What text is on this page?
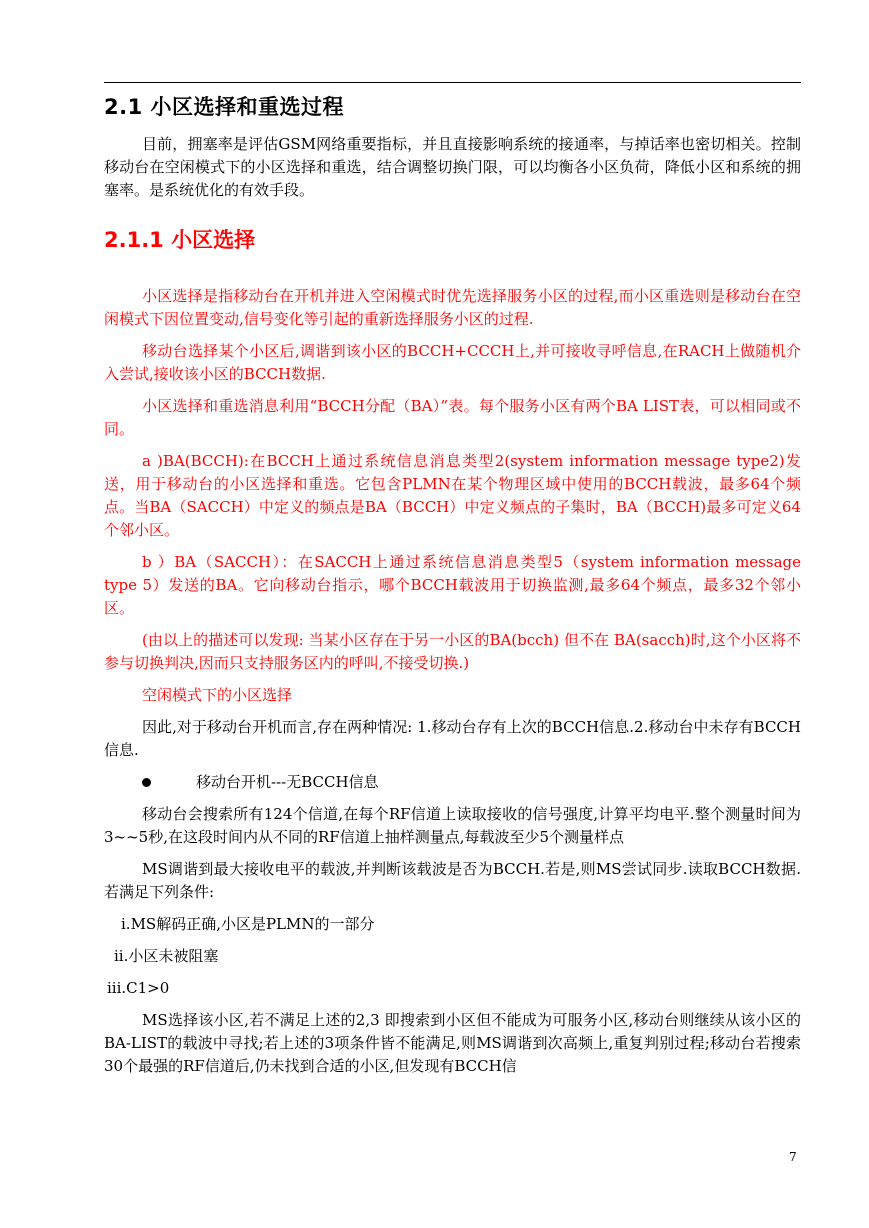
2.1 小区选择和重选过程

目前，拥塞率是评估GSM网络重要指标，并且直接影响系统的接通率，与掉话率也密切相关。控制移动台在空闲模式下的小区选择和重选，结合调整切换门限，可以均衡各小区负荷，降低小区和系统的拥塞率。是系统优化的有效手段。

2.1.1 小区选择

小区选择是指移动台在开机并进入空闲模式时优先选择服务小区的过程,而小区重选则是移动台在空闲模式下因位置变动,信号变化等引起的重新选择服务小区的过程.

移动台选择某个小区后,调谐到该小区的BCCH+CCCH上,并可接收寻呼信息,在RACH上做随机介入尝试,接收该小区的BCCH数据.

小区选择和重选消息利用“BCCH分配（BA）”表。每个服务小区有两个BA LIST表，可以相同或不同。

a )BA(BCCH):在BCCH上通过系统信息消息类型2(system information message type2)发送，用于移动台的小区选择和重选。它包含PLMN在某个物理区域中使用的BCCH载波，最多64个频点。当BA（SACCH）中定义的频点是BA（BCCH）中定义频点的子集时，BA（BCCH)最多可定义64个邻小区。

b ）BA（SACCH）：在SACCH上通过系统信息消息类型5（system information message type 5）发送的BA。它向移动台指示，哪个BCCH载波用于切换监测,最多64个频点，最多32个邻小区。

(由以上的描述可以发现: 当某小区存在于另一小区的BA(bcch) 但不在 BA(sacch)时,这个小区将不参与切换判决,因而只支持服务区内的呼叫,不接受切换.)

空闲模式下的小区选择

因此,对于移动台开机而言,存在两种情况: 1.移动台存有上次的BCCH信息.2.移动台中未存有BCCH信息.

移动台开机---无BCCH信息

移动台会搜索所有124个信道,在每个RF信道上读取接收的信号强度,计算平均电平.整个测量时间为3~~5秒,在这段时间内从不同的RF信道上抽样测量点,每载波至少5个测量样点

MS调谐到最大接收电平的载波,并判断该载波是否为BCCH.若是,则MS尝试同步.读取BCCH数据.若满足下列条件:

i.MS解码正确,小区是PLMN的一部分
ii.小区未被阻塞
iii.C1>0

MS选择该小区,若不满足上述的2,3 即搜索到小区但不能成为可服务小区,移动台则继续从该小区的BA-LIST的载波中寻找;若上述的3项条件皆不能满足,则MS调谐到次高频上,重复判别过程;移动台若搜索30个最强的RF信道后,仍未找到合适的小区,但发现有BCCH信

7
